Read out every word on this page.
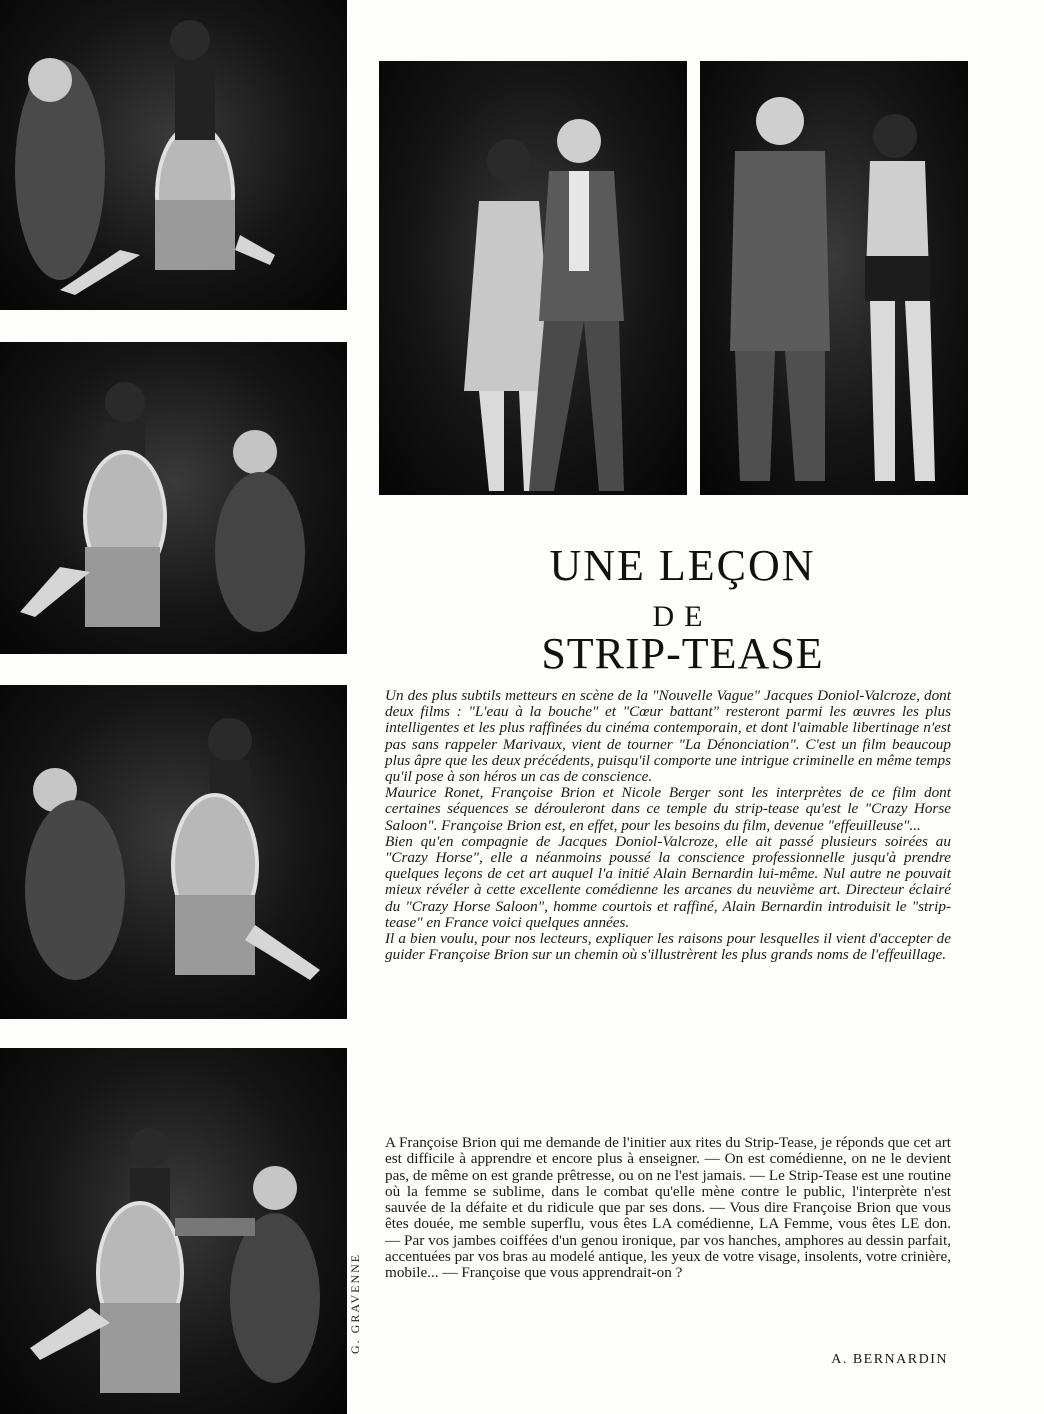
G. GRAVENNE
UNE LEÇON
DE
STRIP-TEASE

Un des plus subtils metteurs en scène de la "Nouvelle Vague" Jacques Doniol-Valcroze, dont deux films : "L'eau à la bouche" et "Cœur battant" resteront parmi les œuvres les plus intelligentes et les plus raffinées du cinéma contemporain, et dont l'aimable libertinage n'est pas sans rappeler Marivaux, vient de tourner "La Dénonciation". C'est un film beaucoup plus âpre que les deux précédents, puisqu'il comporte une intrigue criminelle en même temps qu'il pose à son héros un cas de conscience.

Maurice Ronet, Françoise Brion et Nicole Berger sont les interprètes de ce film dont certaines séquences se dérouleront dans ce temple du strip-tease qu'est le "Crazy Horse Saloon". Françoise Brion est, en effet, pour les besoins du film, devenue "effeuilleuse"...

Bien qu'en compagnie de Jacques Doniol-Valcroze, elle ait passé plusieurs soirées au "Crazy Horse", elle a néanmoins poussé la conscience professionnelle jusqu'à prendre quelques leçons de cet art auquel l'a initié Alain Bernardin lui-même. Nul autre ne pouvait mieux révéler à cette excellente comédienne les arcanes du neuvième art. Directeur éclairé du "Crazy Horse Saloon", homme courtois et raffiné, Alain Bernardin introduisit le "strip-tease" en France voici quelques années.

Il a bien voulu, pour nos lecteurs, expliquer les raisons pour lesquelles il vient d'accepter de guider Françoise Brion sur un chemin où s'illustrèrent les plus grands noms de l'effeuillage.

A Françoise Brion qui me demande de l'initier aux rites du Strip-Tease, je réponds que cet art est difficile à apprendre et encore plus à enseigner. — On est comédienne, on ne le devient pas, de même on est grande prêtresse, ou on ne l'est jamais. — Le Strip-Tease est une routine où la femme se sublime, dans le combat qu'elle mène contre le public, l'interprète n'est sauvée de la défaite et du ridicule que par ses dons. — Vous dire Françoise Brion que vous êtes douée, me semble superflu, vous êtes LA comédienne, LA Femme, vous êtes LE don. — Par vos jambes coiffées d'un genou ironique, par vos hanches, amphores au dessin parfait, accentuées par vos bras au modelé antique, les yeux de votre visage, insolents, votre crinière, mobile... — Françoise que vous apprendrait-on ?

A. BERNARDIN
